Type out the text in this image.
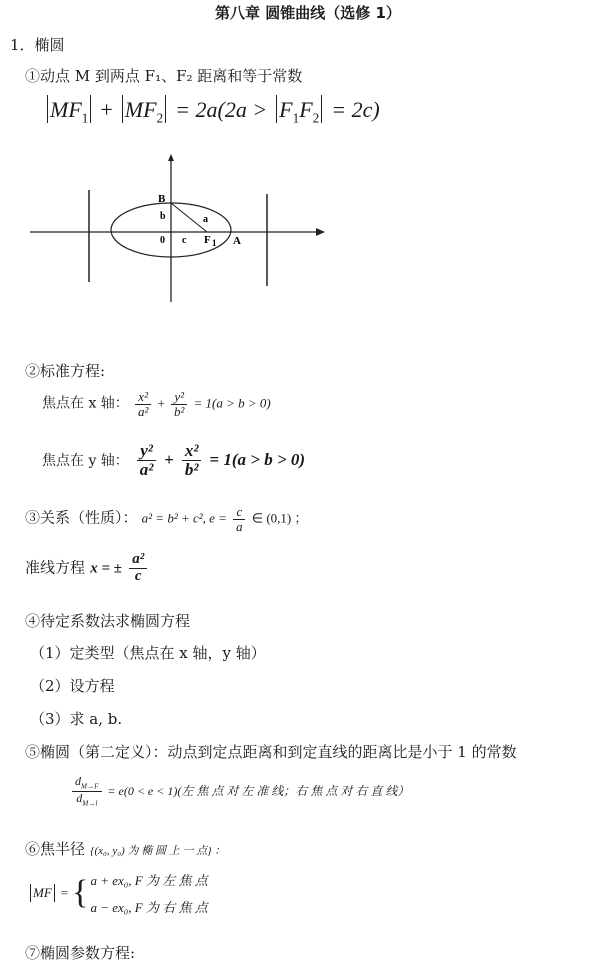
第八章 圆锥曲线（选修 1）
1．椭圆
①动点 M 到两点 F₁、F₂ 距离和等于常数
$MF_1 + MF_2 = 2a(2a > F_1F_2 = 2c)$
B
b	a
0 c F 1 A
②标准方程:
焦点在 x 轴： $\frac{\text{x²}}{\text{a²}} + \frac{\text{y²}}{\text{b²}} = 1(a > b > 0)$
焦点在 y 轴： $\frac{\text{y²}}{\text{a²}} + \frac{\text{x²}}{\text{b²}} = 1(a > b > 0)$
③关系（性质）： a² = b² + c², $e = \frac{c}{a}$ ∈ (0,1) ；
准线方程 x = ± $\frac{\text{a²}}{c}$
④待定系数法求椭圆方程
（1）定类型（焦点在 x 轴，y 轴）
（2）设方程
（3）求 a, b.
⑤椭圆（第二定义）：动点到定点距离和到定直线的距离比是小于 1 的常数
$\frac{d_{M\to F}}{d_{M\to l}} = e(0 < e < 1)$(左 焦 点 对 左 准 线；右 焦 点 对 右 直 线）
⑥焦半径 {(x₀, y₀) 为 椭 圆 上 一 点} ：
MF = { a + ex₀, F 为 左 焦 点
a − ex₀, F 为 右 焦 点
⑦椭圆参数方程:
